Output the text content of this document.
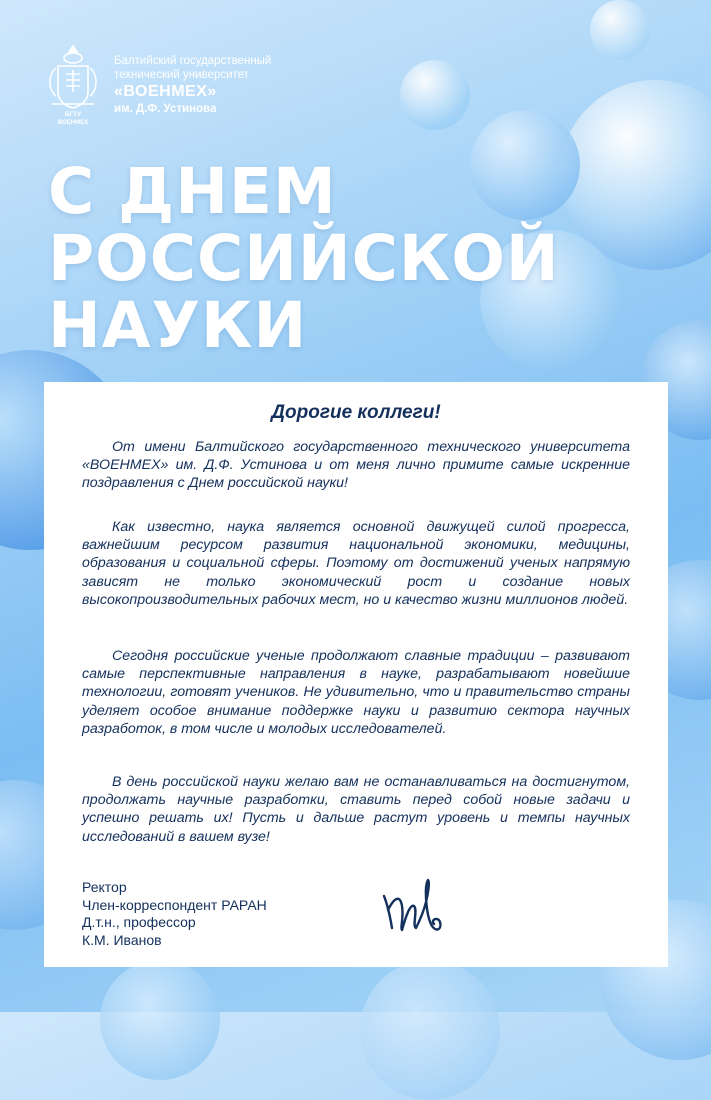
БГТУ
ВОЕНМЕХ
Балтийский государственный
технический университет
«ВОЕНМЕХ»
им. Д.Ф. Устинова
С ДНЕМ
РОССИЙСКОЙ
НАУКИ
Дорогие коллеги!
От имени Балтийского государственного технического университета «ВОЕНМЕХ» им. Д.Ф. Устинова и от меня лично примите самые искренние поздравления с Днем российской науки!
Как известно, наука является основной движущей силой прогресса, важнейшим ресурсом развития национальной экономики, медицины, образования и социальной сферы. Поэтому от достижений ученых напрямую зависят не только экономический рост и создание новых высокопроизводительных рабочих мест, но и качество жизни миллионов людей.
Сегодня российские ученые продолжают славные традиции – развивают самые перспективные направления в науке, разрабатывают новейшие технологии, готовят учеников. Не удивительно, что и правительство страны уделяет особое внимание поддержке науки и развитию сектора научных разработок, в том числе и молодых исследователей.
В день российской науки желаю вам не останавливаться на достигнутом, продолжать научные разработки, ставить перед собой новые задачи и успешно решать их! Пусть и дальше растут уровень и темпы научных исследований в вашем вузе!
Ректор
Член-корреспондент РАРАН
Д.т.н., профессор
К.М. Иванов
